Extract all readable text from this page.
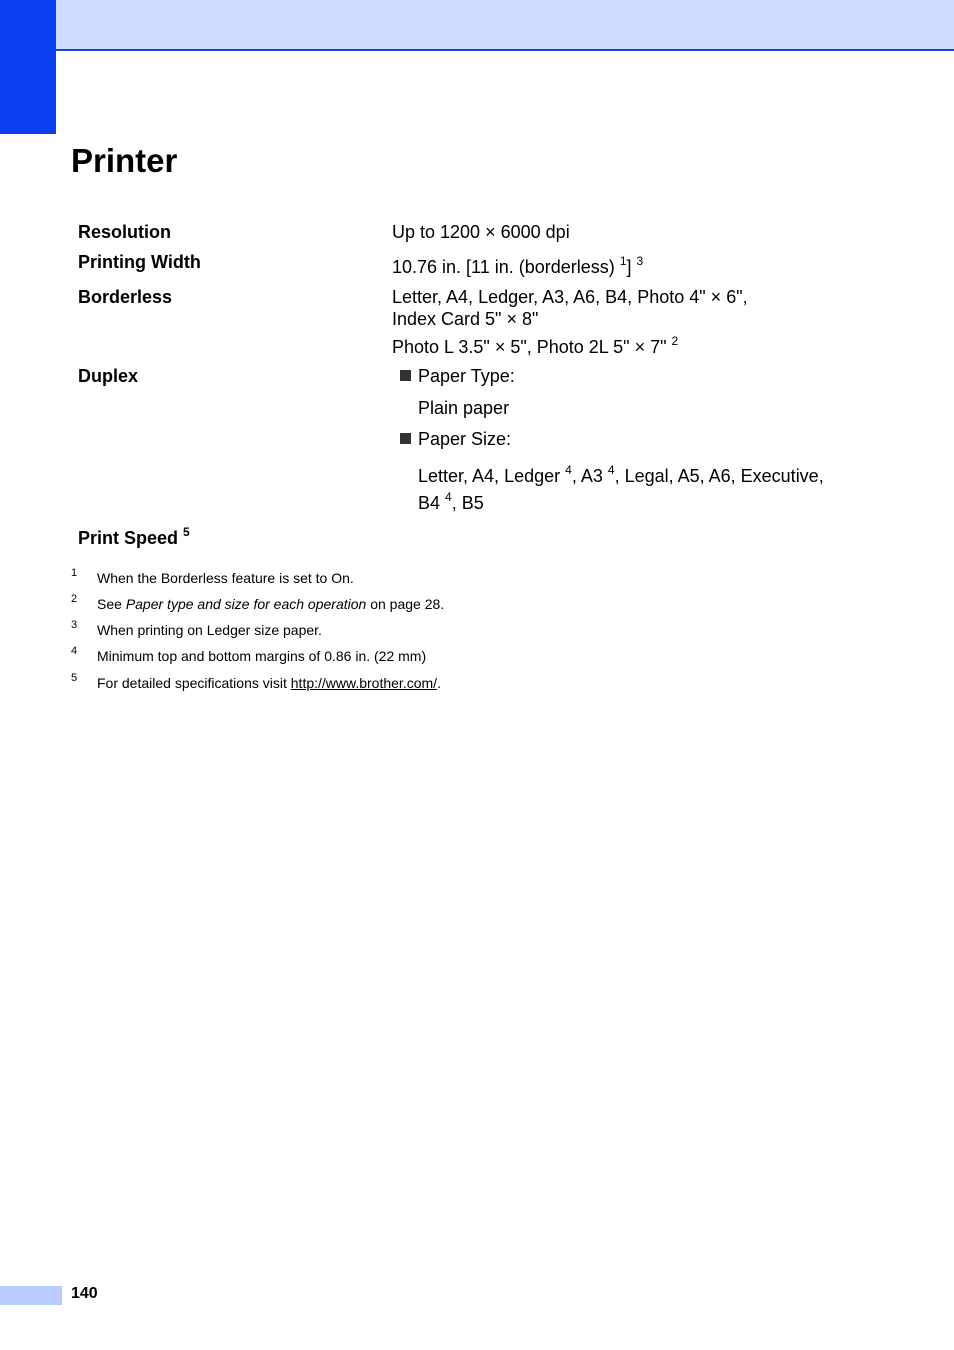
Printer
Resolution	Up to 1200 × 6000 dpi
Printing Width	10.76 in. [11 in. (borderless) $^1$] $^3$
Borderless	Letter, A4, Ledger, A3, A6, B4, Photo 4" × 6",
Index Card 5" × 8"
Photo L 3.5" × 5", Photo 2L 5" × 7" $^2$
Duplex	Paper Type:
Plain paper
Paper Size:
Letter, A4, Ledger $^4$, A3 $^4$, Legal, A5, A6, Executive,
B4 $^4$, B5
Print Speed $^5$
1 When the Borderless feature is set to On.
2 See Paper type and size for each operation on page 28.
3 When printing on Ledger size paper.
4 Minimum top and bottom margins of 0.86 in. (22 mm)
5 For detailed specifications visit http://www.brother.com/.
140
